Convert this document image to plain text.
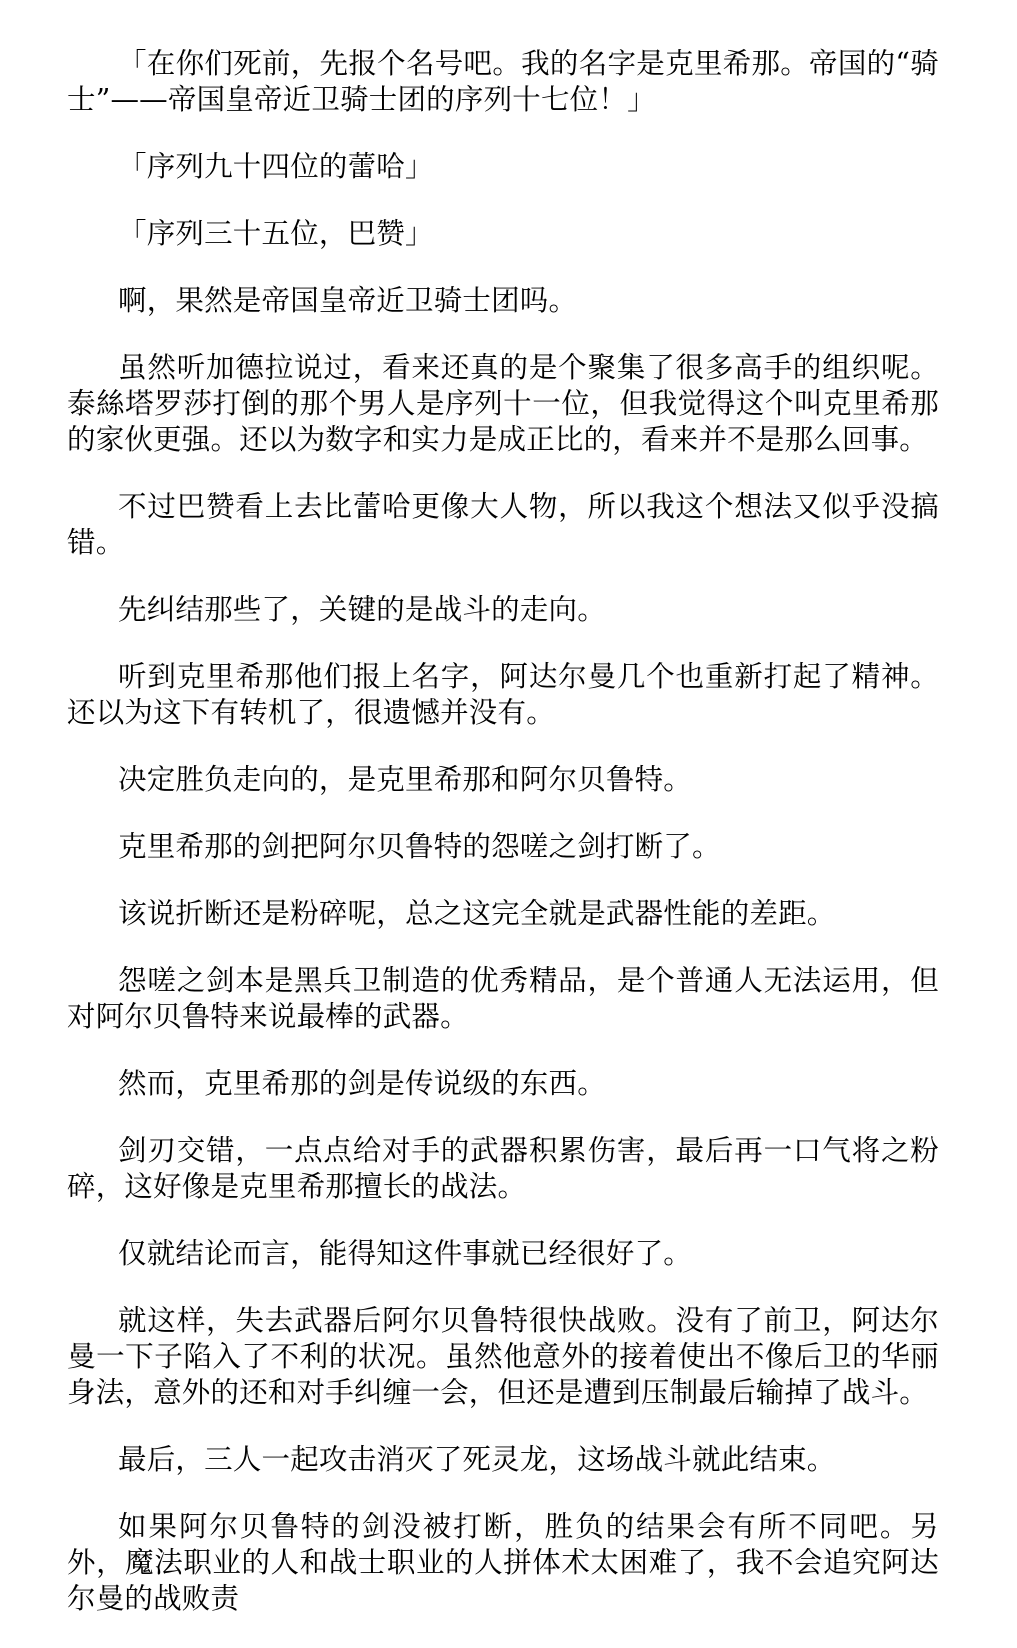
「在你们死前，先报个名号吧。我的名字是克里希那。帝国的“骑士”——帝国皇帝近卫骑士团的序列十七位！」

「序列九十四位的蕾哈」

「序列三十五位，巴赞」

啊，果然是帝国皇帝近卫骑士团吗。

虽然听加德拉说过，看来还真的是个聚集了很多高手的组织呢。泰絲塔罗莎打倒的那个男人是序列十一位，但我觉得这个叫克里希那的家伙更强。还以为数字和实力是成正比的，看来并不是那么回事。

不过巴赞看上去比蕾哈更像大人物，所以我这个想法又似乎没搞错。

先纠结那些了，关键的是战斗的走向。

听到克里希那他们报上名字，阿达尔曼几个也重新打起了精神。还以为这下有转机了，很遗憾并没有。

决定胜负走向的，是克里希那和阿尔贝鲁特。

克里希那的剑把阿尔贝鲁特的怨嗟之剑打断了。

该说折断还是粉碎呢，总之这完全就是武器性能的差距。

怨嗟之剑本是黑兵卫制造的优秀精品，是个普通人无法运用，但对阿尔贝鲁特来说最棒的武器。

然而，克里希那的剑是传说级的东西。

剑刃交错，一点点给对手的武器积累伤害，最后再一口气将之粉碎，这好像是克里希那擅长的战法。

仅就结论而言，能得知这件事就已经很好了。

就这样，失去武器后阿尔贝鲁特很快战败。没有了前卫，阿达尔曼一下子陷入了不利的状况。虽然他意外的接着使出不像后卫的华丽身法，意外的还和对手纠缠一会，但还是遭到压制最后输掉了战斗。

最后，三人一起攻击消灭了死灵龙，这场战斗就此结束。

如果阿尔贝鲁特的剑没被打断，胜负的结果会有所不同吧。另外，魔法职业的人和战士职业的人拼体术太困难了，我不会追究阿达尔曼的战败责
